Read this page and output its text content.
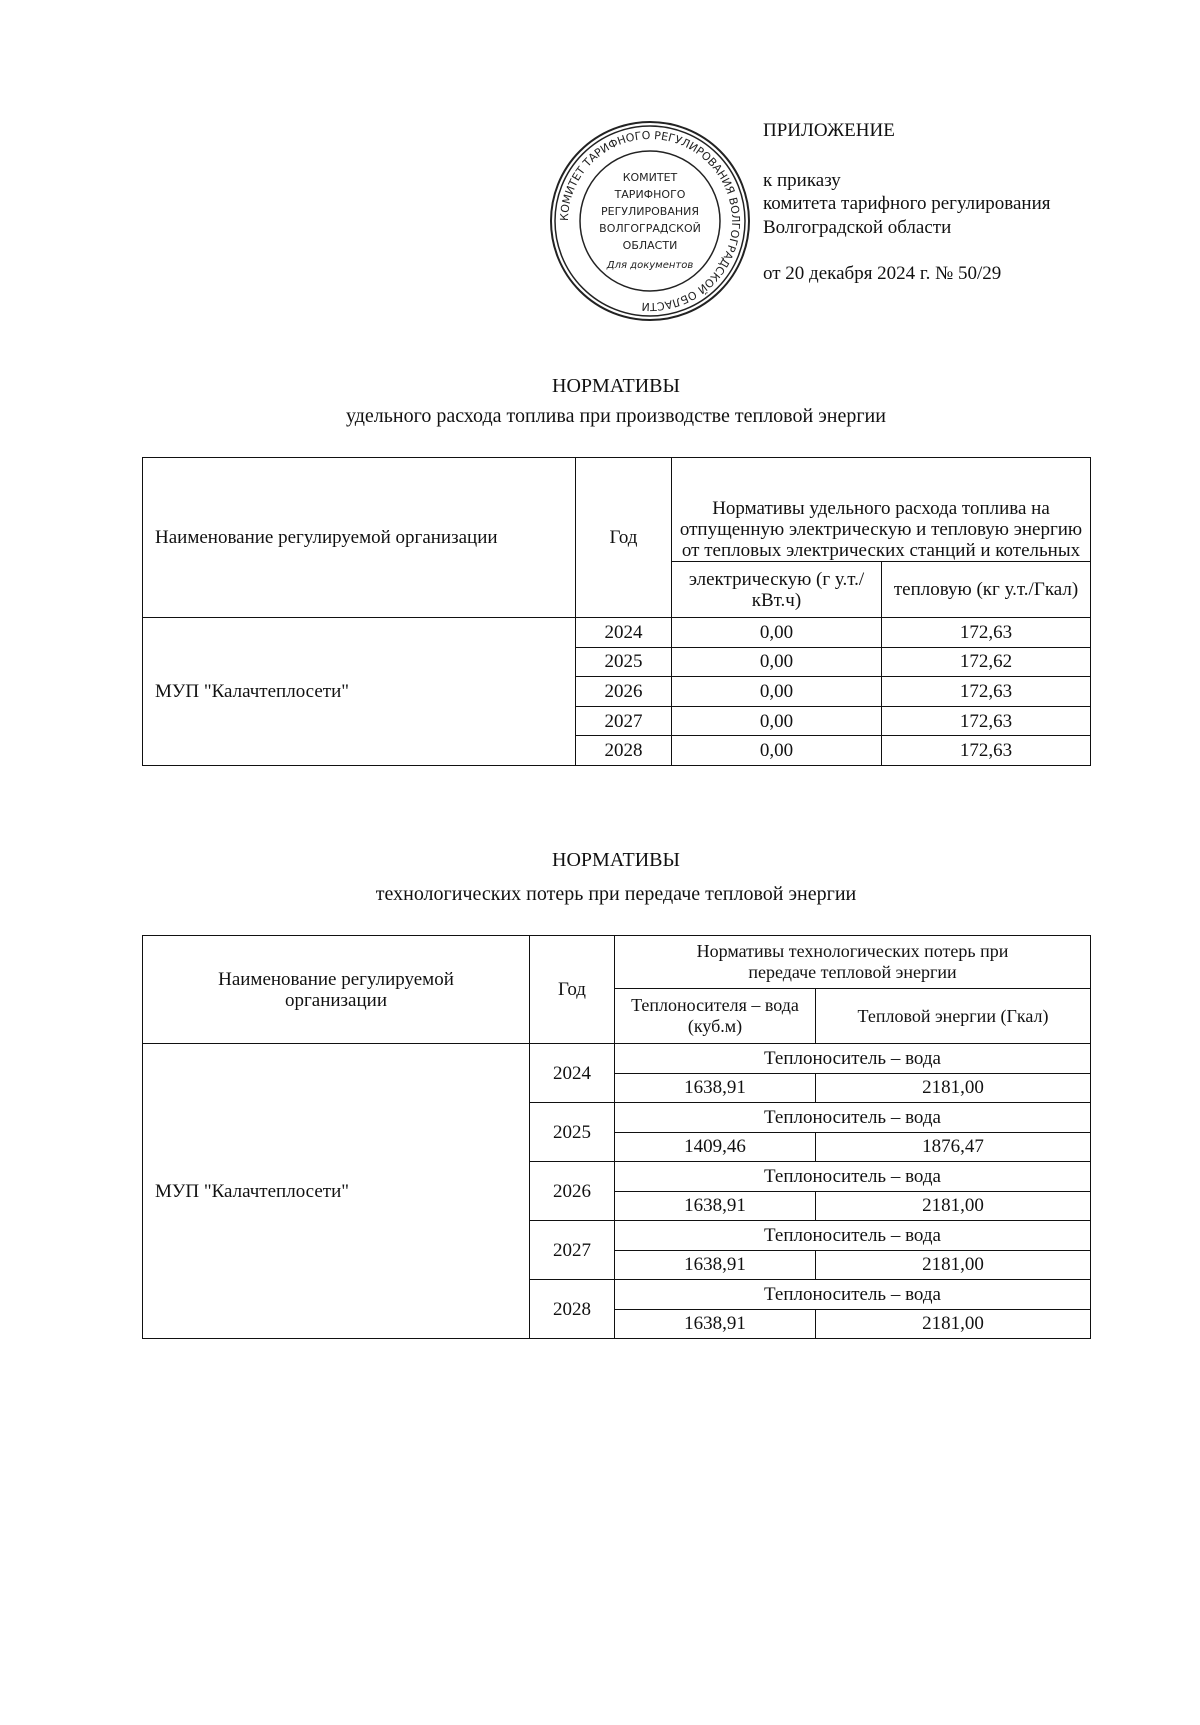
КОМИТЕТ ТАРИФНОГО РЕГУЛИРОВАНИЯ ВОЛГОГРАДСКОЙ ОБЛАСТИ
КОМИТЕТ
ТАРИФНОГО
РЕГУЛИРОВАНИЯ
ВОЛГОГРАДСКОЙ
ОБЛАСТИ
Для документов
ПРИЛОЖЕНИЕ
к приказу
комитета тарифного регулирования
Волгоградской области
от 20 декабря 2024 г. № 50/29
НОРМАТИВЫ
удельного расхода топлива при производстве тепловой энергии
Наименование регулируемой организации	Год	Нормативы удельного расхода топлива на отпущенную электрическую и тепловую энергию от тепловых электрических станций и котельных	
		электрическую (г у.т./кВт.ч)	тепловую (кг у.т./Гкал)
МУП "Калачтеплосети"	2024	0,00	172,63
	2025	0,00	172,62
	2026	0,00	172,63
	2027	0,00	172,63
	2028	0,00	172,63
НОРМАТИВЫ
технологических потерь при передаче тепловой энергии
Наименование регулируемой организации	Год	Нормативы технологических потерь при передаче тепловой энергии	
		Теплоносителя – вода (куб.м)	Тепловой энергии (Гкал)
МУП "Калачтеплосети"	2024	Теплоноситель – вода	
		1638,91	2181,00
	2025	Теплоноситель – вода	
		1409,46	1876,47
	2026	Теплоноситель – вода	
		1638,91	2181,00
	2027	Теплоноситель – вода	
		1638,91	2181,00
	2028	Теплоноситель – вода	
		1638,91	2181,00
